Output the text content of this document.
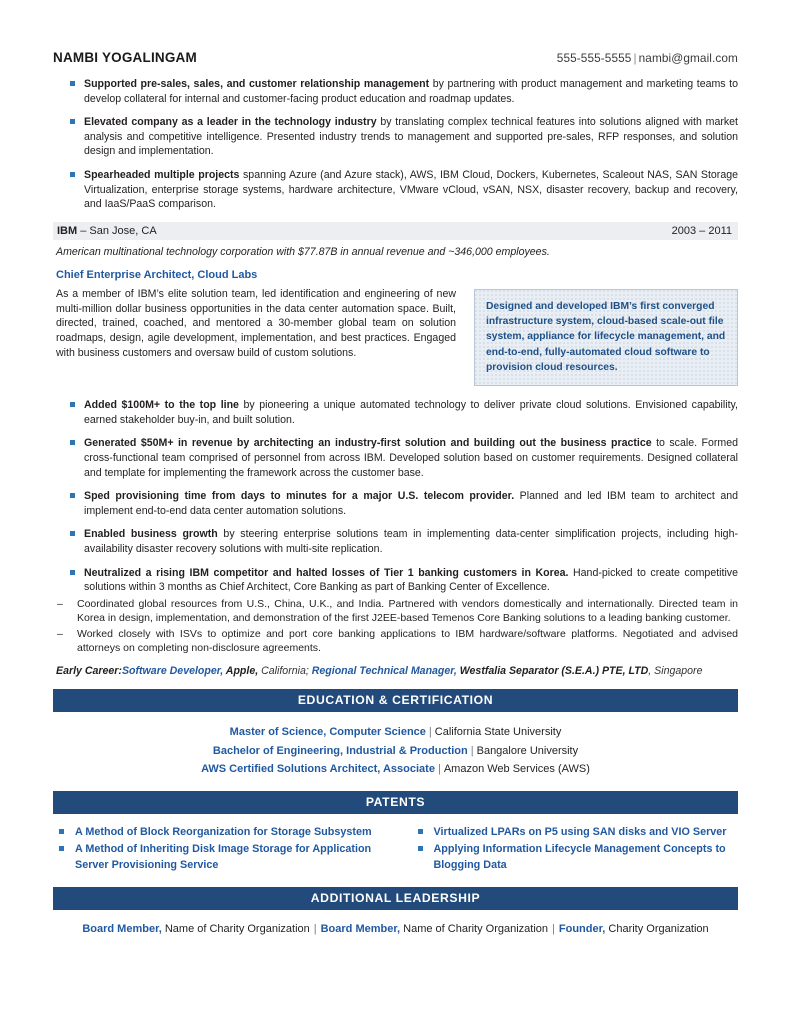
NAMBI YOGALINGAM	555-555-5555 | nambi@gmail.com
Supported pre-sales, sales, and customer relationship management by partnering with product management and marketing teams to develop collateral for internal and customer-facing product education and roadmap updates.
Elevated company as a leader in the technology industry by translating complex technical features into solutions aligned with market analysis and competitive intelligence. Presented industry trends to management and supported pre-sales, RFP responses, and solution design and implementation.
Spearheaded multiple projects spanning Azure (and Azure stack), AWS, IBM Cloud, Dockers, Kubernetes, Scaleout NAS, SAN Storage Virtualization, enterprise storage systems, hardware architecture, VMware vCloud, vSAN, NSX, disaster recovery, backup and recovery, and IaaS/PaaS comparison.
IBM – San Jose, CA	2003 – 2011
American multinational technology corporation with $77.87B in annual revenue and ~346,000 employees.
Chief Enterprise Architect, Cloud Labs
As a member of IBM’s elite solution team, led identification and engineering of new multi-million dollar business opportunities in the data center automation space. Built, directed, trained, coached, and mentored a 30-member global team on solution roadmaps, design, agile development, implementation, and best practices. Engaged with business customers and oversaw build of custom solutions.
Designed and developed IBM’s first converged infrastructure system, cloud-based scale-out file system, appliance for lifecycle management, and end-to-end, fully-automated cloud software to provision cloud resources.
Added $100M+ to the top line by pioneering a unique automated technology to deliver private cloud solutions. Envisioned capability, earned stakeholder buy-in, and built solution.
Generated $50M+ in revenue by architecting an industry-first solution and building out the business practice to scale. Formed cross-functional team comprised of personnel from across IBM. Developed solution based on customer requirements. Designed collateral and template for implementing the framework across the customer base.
Sped provisioning time from days to minutes for a major U.S. telecom provider. Planned and led IBM team to architect and implement end-to-end data center automation solutions.
Enabled business growth by steering enterprise solutions team in implementing data-center simplification projects, including high-availability disaster recovery solutions with multi-site replication.
Neutralized a rising IBM competitor and halted losses of Tier 1 banking customers in Korea. Hand-picked to create competitive solutions within 3 months as Chief Architect, Core Banking as part of Banking Center of Excellence.
– Coordinated global resources from U.S., China, U.K., and India. Partnered with vendors domestically and internationally. Directed team in Korea in design, implementation, and demonstration of the first J2EE-based Temenos Core Banking solutions to a leading banking customer.
– Worked closely with ISVs to optimize and port core banking applications to IBM hardware/software platforms. Negotiated and advised attorneys on completing non-disclosure agreements.
Early Career:Software Developer, Apple, California; Regional Technical Manager, Westfalia Separator (S.E.A.) PTE, LTD, Singapore
EDUCATION & CERTIFICATION
Master of Science, Computer Science | California State University
Bachelor of Engineering, Industrial & Production | Bangalore University
AWS Certified Solutions Architect, Associate | Amazon Web Services (AWS)
PATENTS
A Method of Block Reorganization for Storage Subsystem
A Method of Inheriting Disk Image Storage for Application Server Provisioning Service
Virtualized LPARs on P5 using SAN disks and VIO Server
Applying Information Lifecycle Management Concepts to Blogging Data
ADDITIONAL LEADERSHIP
Board Member, Name of Charity Organization | Board Member, Name of Charity Organization | Founder, Charity Organization
